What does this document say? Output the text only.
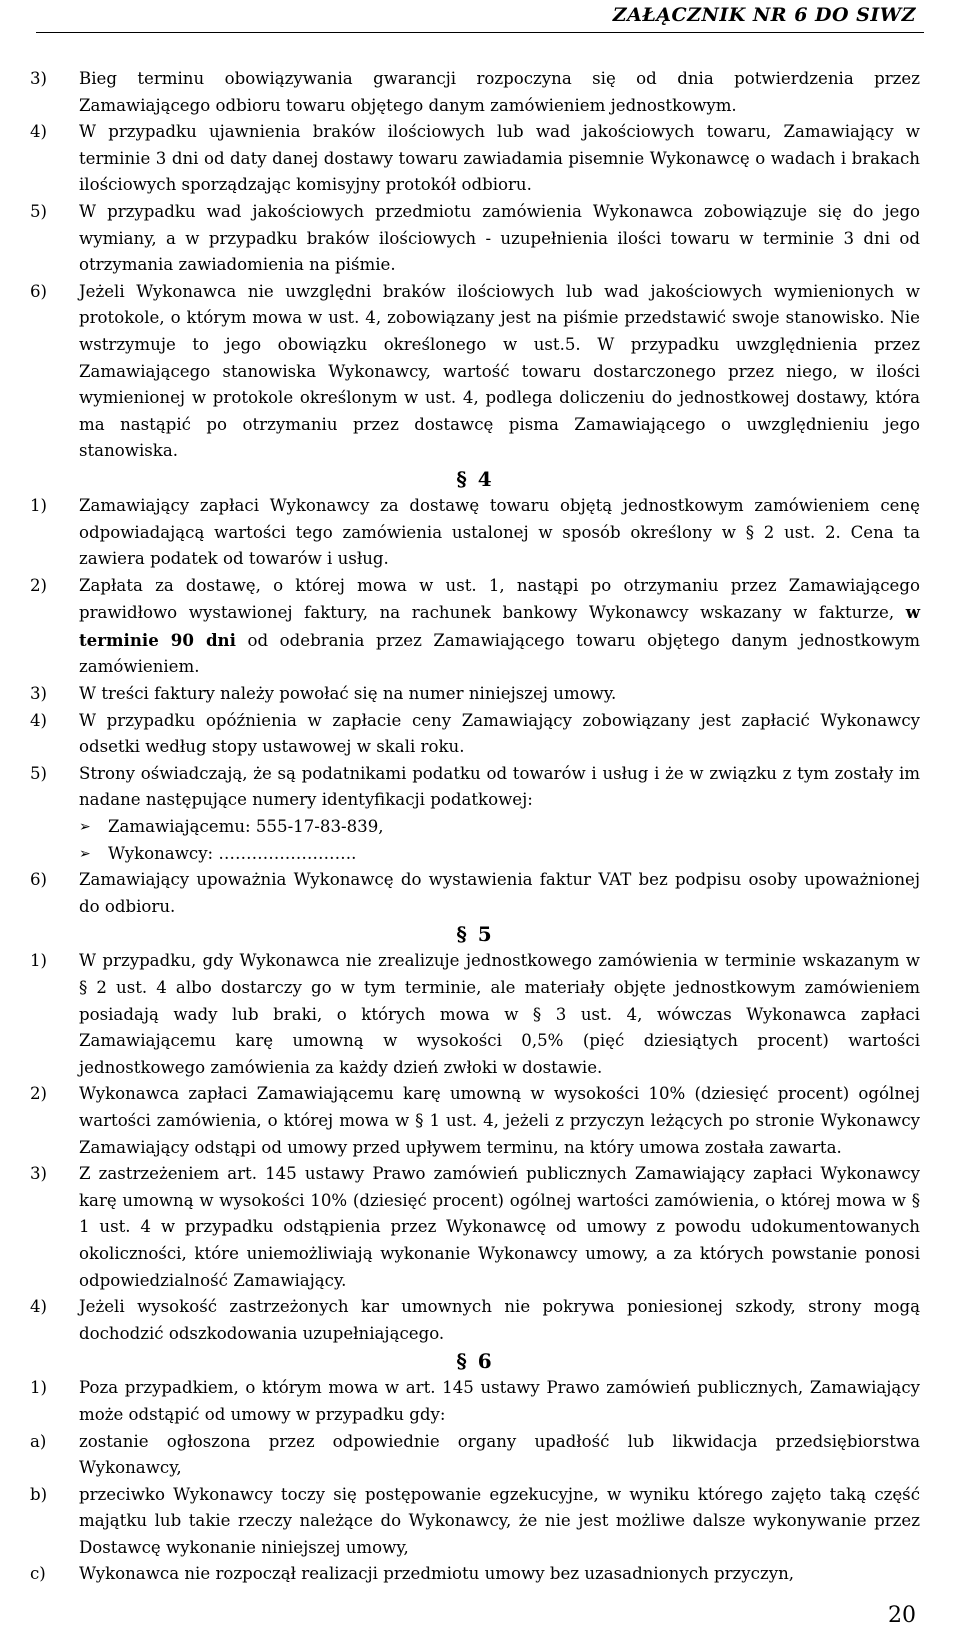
ZAŁĄCZNIK NR 6 DO SIWZ
3) Bieg terminu obowiązywania gwarancji rozpoczyna się od dnia potwierdzenia przez Zamawiającego odbioru towaru objętego danym zamówieniem jednostkowym.
4) W przypadku ujawnienia braków ilościowych lub wad jakościowych towaru, Zamawiający w terminie 3 dni od daty danej dostawy towaru zawiadamia pisemnie Wykonawcę o wadach i brakach ilościowych sporządzając komisyjny protokół odbioru.
5) W przypadku wad jakościowych przedmiotu zamówienia Wykonawca zobowiązuje się do jego wymiany, a w przypadku braków ilościowych - uzupełnienia ilości towaru w terminie 3 dni od otrzymania zawiadomienia na piśmie.
6) Jeżeli Wykonawca nie uwzględni braków ilościowych lub wad jakościowych wymienionych w protokole, o którym mowa w ust. 4, zobowiązany jest na piśmie przedstawić swoje stanowisko. Nie wstrzymuje to jego obowiązku określonego w ust.5. W przypadku uwzględnienia przez Zamawiającego stanowiska Wykonawcy, wartość towaru dostarczonego przez niego, w ilości wymienionej w protokole określonym w ust. 4, podlega doliczeniu do jednostkowej dostawy, która ma nastąpić po otrzymaniu przez dostawcę pisma Zamawiającego o uwzględnieniu jego stanowiska.
§ 4
1) Zamawiający zapłaci Wykonawcy za dostawę towaru objętą jednostkowym zamówieniem cenę odpowiadającą wartości tego zamówienia ustalonej w sposób określony w § 2 ust. 2. Cena ta zawiera podatek od towarów i usług.
2) Zapłata za dostawę, o której mowa w ust. 1, nastąpi po otrzymaniu przez Zamawiającego prawidłowo wystawionej faktury, na rachunek bankowy Wykonawcy wskazany w fakturze, w terminie 90 dni od odebrania przez Zamawiającego towaru objętego danym jednostkowym zamówieniem.
3) W treści faktury należy powołać się na numer niniejszej umowy.
4) W przypadku opóźnienia w zapłacie ceny Zamawiający zobowiązany jest zapłacić Wykonawcy odsetki według stopy ustawowej w skali roku.
5) Strony oświadczają, że są podatnikami podatku od towarów i usług i że w związku z tym zostały im nadane następujące numery identyfikacji podatkowej:
➢ Zamawiającemu: 555-17-83-839,
➢ Wykonawcy: …………………….
6) Zamawiający upoważnia Wykonawcę do wystawienia faktur VAT bez podpisu osoby upoważnionej do odbioru.
§ 5
1) W przypadku, gdy Wykonawca nie zrealizuje jednostkowego zamówienia w terminie wskazanym w § 2 ust. 4 albo dostarczy go w tym terminie, ale materiały objęte jednostkowym zamówieniem posiadają wady lub braki, o których mowa w § 3 ust. 4, wówczas Wykonawca zapłaci Zamawiającemu karę umowną w wysokości 0,5% (pięć dziesiątych procent) wartości jednostkowego zamówienia za każdy dzień zwłoki w dostawie.
2) Wykonawca zapłaci Zamawiającemu karę umowną w wysokości 10% (dziesięć procent) ogólnej wartości zamówienia, o której mowa w § 1 ust. 4, jeżeli z przyczyn leżących po stronie Wykonawcy Zamawiający odstąpi od umowy przed upływem terminu, na który umowa została zawarta.
3) Z zastrzeżeniem art. 145 ustawy Prawo zamówień publicznych Zamawiający zapłaci Wykonawcy karę umowną w wysokości 10% (dziesięć procent) ogólnej wartości zamówienia, o której mowa w § 1 ust. 4 w przypadku odstąpienia przez Wykonawcę od umowy z powodu udokumentowanych okoliczności, które uniemożliwiają wykonanie Wykonawcy umowy, a za których powstanie ponosi odpowiedzialność Zamawiający.
4) Jeżeli wysokość zastrzeżonych kar umownych nie pokrywa poniesionej szkody, strony mogą dochodzić odszkodowania uzupełniającego.
§ 6
1) Poza przypadkiem, o którym mowa w art. 145 ustawy Prawo zamówień publicznych, Zamawiający może odstąpić od umowy w przypadku gdy:
a) zostanie ogłoszona przez odpowiednie organy upadłość lub likwidacja przedsiębiorstwa Wykonawcy,
b) przeciwko Wykonawcy toczy się postępowanie egzekucyjne, w wyniku którego zajęto taką część majątku lub takie rzeczy należące do Wykonawcy, że nie jest możliwe dalsze wykonywanie przez Dostawcę wykonanie niniejszej umowy,
c) Wykonawca nie rozpoczął realizacji przedmiotu umowy bez uzasadnionych przyczyn,
20
